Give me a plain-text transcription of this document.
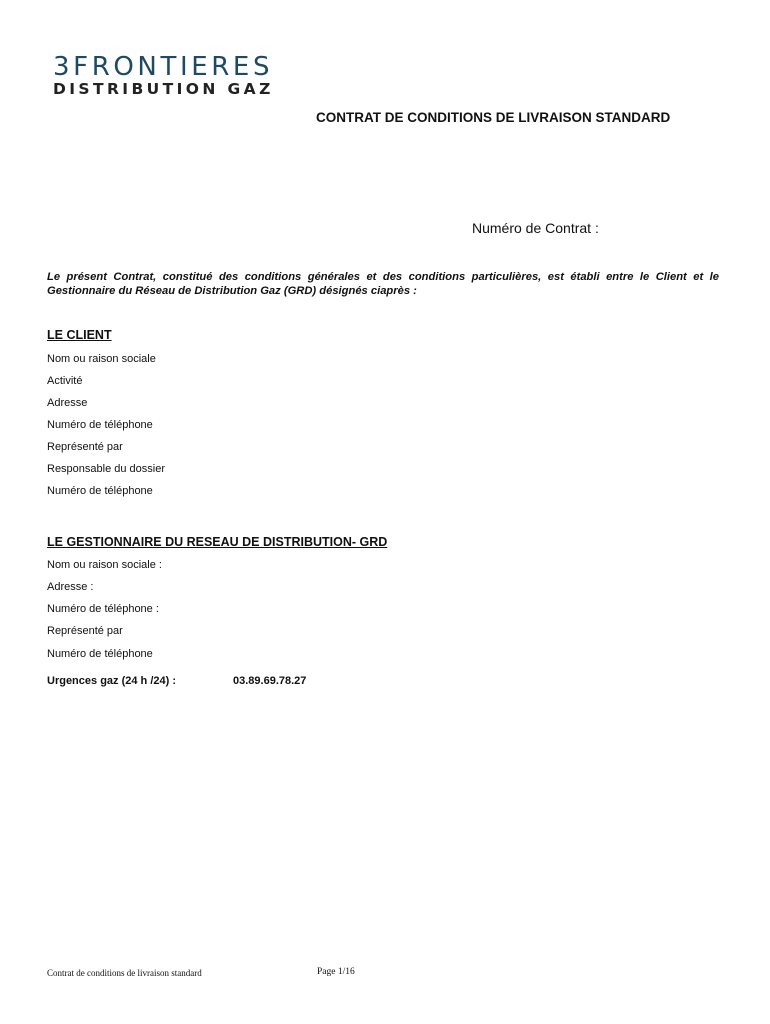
3FRONTIERES
DISTRIBUTION GAZ
CONTRAT DE CONDITIONS DE LIVRAISON STANDARD
Numéro de Contrat :
Le présent Contrat, constitué des conditions générales et des conditions particulières, est établi entre le Client et le Gestionnaire du Réseau de Distribution Gaz (GRD) désignés ciaprès :
LE CLIENT
Nom ou raison sociale
Activité
Adresse
Numéro de téléphone
Représenté par
Responsable du dossier
Numéro de téléphone
LE GESTIONNAIRE DU RESEAU DE DISTRIBUTION- GRD
Nom ou raison sociale :
Adresse :
Numéro de téléphone :
Représenté par
Numéro de téléphone
Urgences gaz (24 h /24) :	03.89.69.78.27
Contrat de conditions de livraison standard	Page 1/16
